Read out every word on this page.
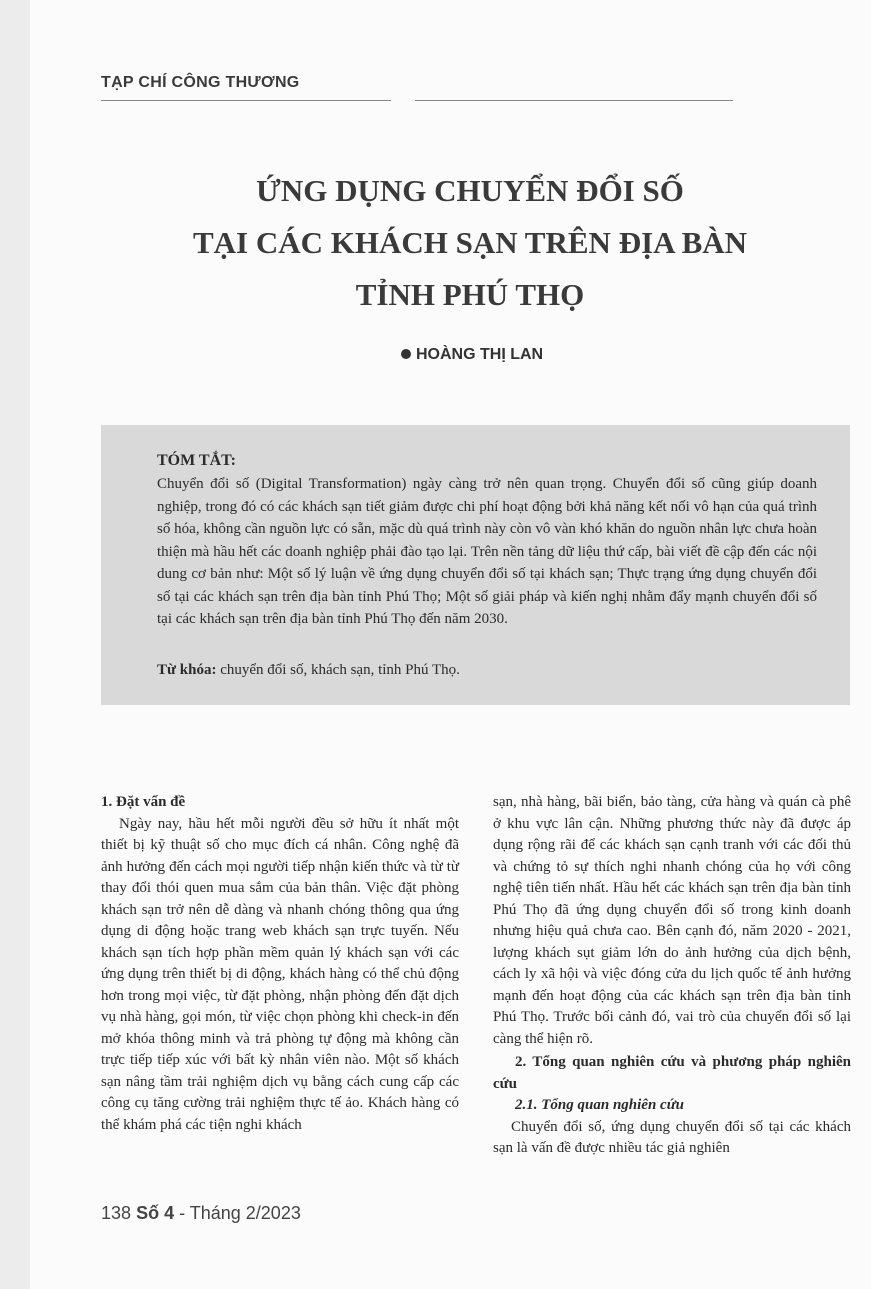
TẠP CHÍ CÔNG THƯƠNG
ỨNG DỤNG CHUYỂN ĐỔI SỐ
TẠI CÁC KHÁCH SẠN TRÊN ĐỊA BÀN
TỈNH PHÚ THỌ
HOÀNG THỊ LAN
TÓM TẮT:
Chuyển đổi số (Digital Transformation) ngày càng trở nên quan trọng. Chuyển đổi số cũng giúp doanh nghiệp, trong đó có các khách sạn tiết giảm được chi phí hoạt động bởi khả năng kết nối vô hạn của quá trình số hóa, không cần nguồn lực có sẵn, mặc dù quá trình này còn vô vàn khó khăn do nguồn nhân lực chưa hoàn thiện mà hầu hết các doanh nghiệp phải đào tạo lại. Trên nền tảng dữ liệu thứ cấp, bài viết đề cập đến các nội dung cơ bản như: Một số lý luận về ứng dụng chuyển đổi số tại khách sạn; Thực trạng ứng dụng chuyển đổi số tại các khách sạn trên địa bàn tỉnh Phú Thọ; Một số giải pháp và kiến nghị nhằm đẩy mạnh chuyển đổi số tại các khách sạn trên địa bàn tỉnh Phú Thọ đến năm 2030.
Từ khóa: chuyển đổi số, khách sạn, tỉnh Phú Thọ.

1. Đặt vấn đề

Ngày nay, hầu hết mỗi người đều sở hữu ít nhất một thiết bị kỹ thuật số cho mục đích cá nhân. Công nghệ đã ảnh hưởng đến cách mọi người tiếp nhận kiến thức và từ từ thay đổi thói quen mua sắm của bản thân. Việc đặt phòng khách sạn trở nên dễ dàng và nhanh chóng thông qua ứng dụng di động hoặc trang web khách sạn trực tuyến. Nếu khách sạn tích hợp phần mềm quản lý khách sạn với các ứng dụng trên thiết bị di động, khách hàng có thể chủ động hơn trong mọi việc, từ đặt phòng, nhận phòng đến đặt dịch vụ nhà hàng, gọi món, từ việc chọn phòng khi check-in đến mở khóa thông minh và trả phòng tự động mà không cần trực tiếp tiếp xúc với bất kỳ nhân viên nào. Một số khách sạn nâng tầm trải nghiệm dịch vụ bằng cách cung cấp các công cụ tăng cường trải nghiệm thực tế ảo. Khách hàng có thể khám phá các tiện nghi khách

sạn, nhà hàng, bãi biển, bảo tàng, cửa hàng và quán cà phê ở khu vực lân cận. Những phương thức này đã được áp dụng rộng rãi để các khách sạn cạnh tranh với các đối thủ và chứng tỏ sự thích nghi nhanh chóng của họ với công nghệ tiên tiến nhất. Hầu hết các khách sạn trên địa bàn tỉnh Phú Thọ đã ứng dụng chuyển đổi số trong kinh doanh nhưng hiệu quả chưa cao. Bên cạnh đó, năm 2020 - 2021, lượng khách sụt giảm lớn do ảnh hưởng của dịch bệnh, cách ly xã hội và việc đóng cửa du lịch quốc tế ảnh hưởng mạnh đến hoạt động của các khách sạn trên địa bàn tỉnh Phú Thọ. Trước bối cảnh đó, vai trò của chuyển đổi số lại càng thể hiện rõ.

2. Tổng quan nghiên cứu và phương pháp nghiên cứu

2.1. Tổng quan nghiên cứu

Chuyển đổi số, ứng dụng chuyển đổi số tại các khách sạn là vấn đề được nhiều tác giả nghiên

138 Số 4 - Tháng 2/2023
